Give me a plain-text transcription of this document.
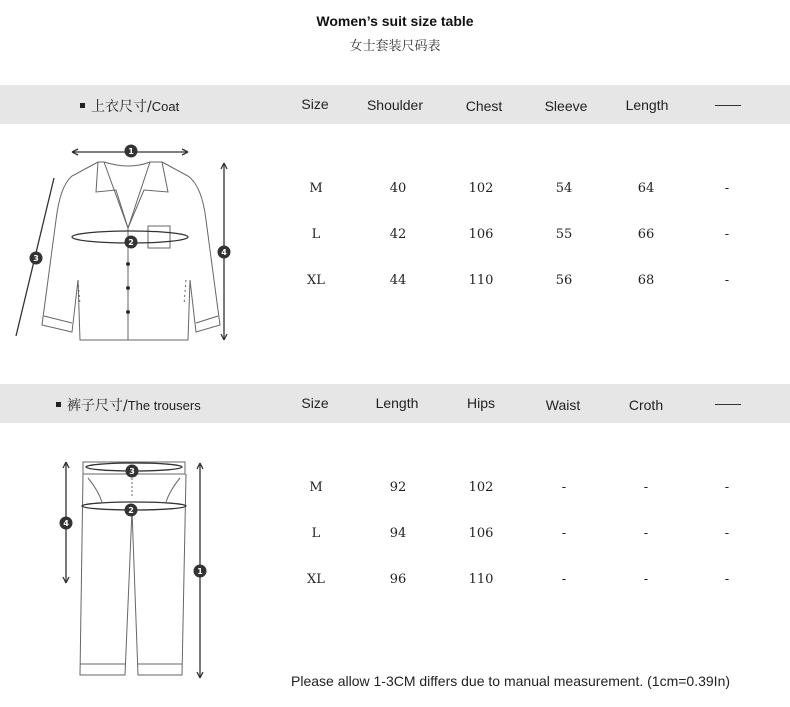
Women’s suit size table
女士套装尺码表
上衣尺寸/Coat	Size	Shoulder	Chest	Sleeve	Length
M	40	102	54	64	-
L	42	106	55	66	-
XL	44	110	56	68	-
1
2
3
4
裤子尺寸/The trousers	Size	Length	Hips	Waist	Croth
M	92	102	-	-	-
L	94	106	-	-	-
XL	96	110	-	-	-
3
2
4
1
Please allow 1-3CM differs due to manual measurement. (1cm=0.39In)
